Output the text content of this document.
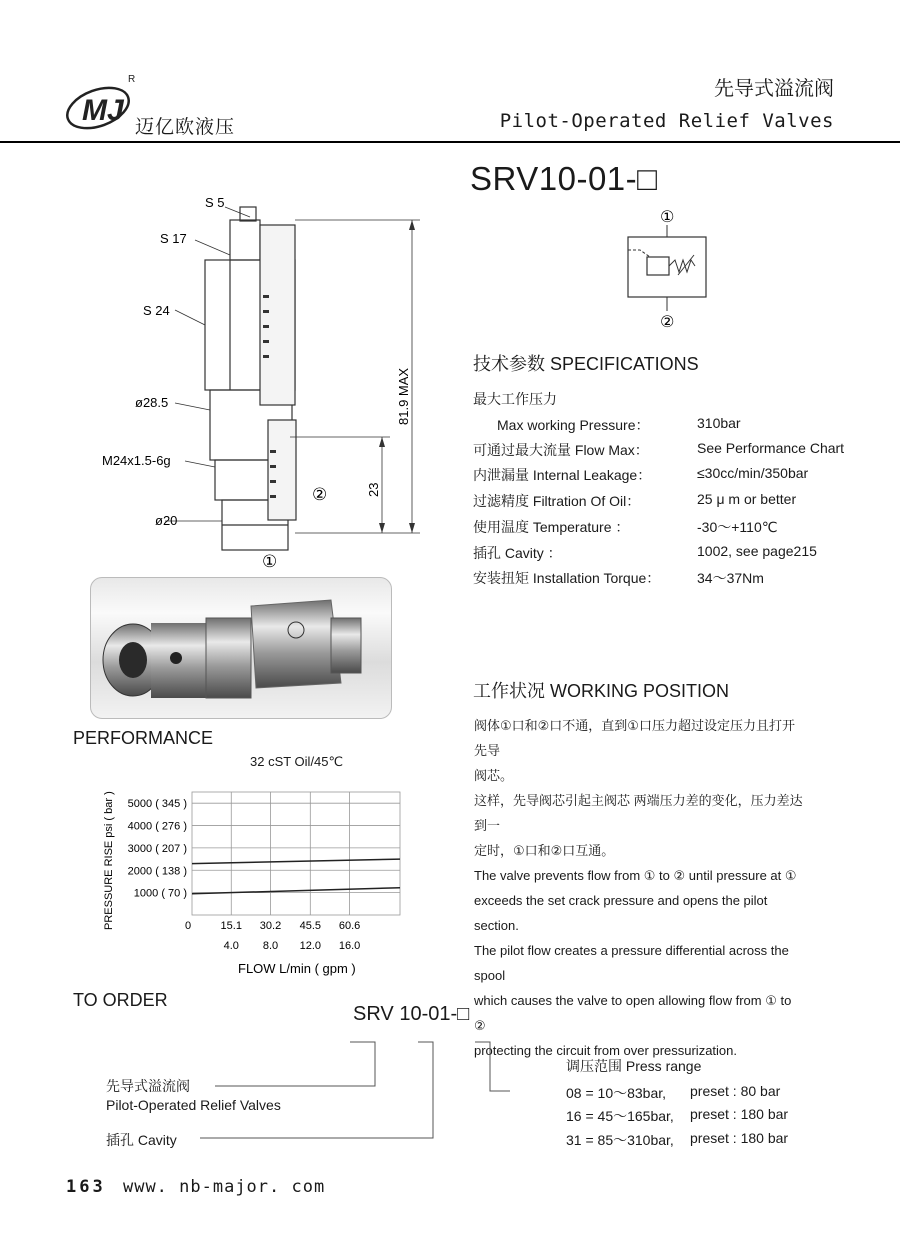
MJ
R
迈亿欧液压
先导式溢流阀
Pilot-Operated Relief Valves
SRV10-01-□
S 5
S 17
S 24
ø28.5
M24x1.5-6g
ø20
81.9 MAX
23
②
①
①
②
技术参数 SPECIFICATIONS
最大工作压力
Max working Pressure：	310bar
可通过最大流量 Flow Max：	See Performance Chart
内泄漏量 Internal Leakage：	≤30cc/min/350bar
过滤精度 Filtration Of Oil：	25 μ m or better
使用温度 Temperature ：	-30～+110℃
插孔 Cavity ：	1002, see page215
安装扭矩 Installation Torque：	34～37Nm
工作状况 WORKING POSITION
阀体①口和②口不通，直到①口压力超过设定压力且打开先导
阀芯。
这样，先导阀芯引起主阀芯 两端压力差的变化，压力差达到一
定时，①口和②口互通。
The valve prevents flow from ① to ② until pressure at ①
exceeds the set crack pressure and opens the pilot section.
The pilot flow creates a pressure differential across the spool
which causes the valve to open allowing flow from ① to ②
protecting the circuit from over pressurization.
PERFORMANCE
32 cST Oil/45℃
5000 ( 345 )
4000 ( 276 )
3000 ( 207 )
2000 ( 138 )
1000 ( 70 )
0	15.1
4.0
30.2
8.0
45.5
12.0
60.6
16.0
PRESSURE RISE psi ( bar )
FLOW L/min ( gpm )
TO ORDER
SRV 10-01-□
先导式溢流阀
Pilot-Operated Relief Valves
插孔 Cavity
调压范围 Press range
08 = 10～83bar, preset : 80 bar
16 = 45～165bar, preset : 180 bar
31 = 85～310bar, preset : 180 bar
163 www. nb-major. com
